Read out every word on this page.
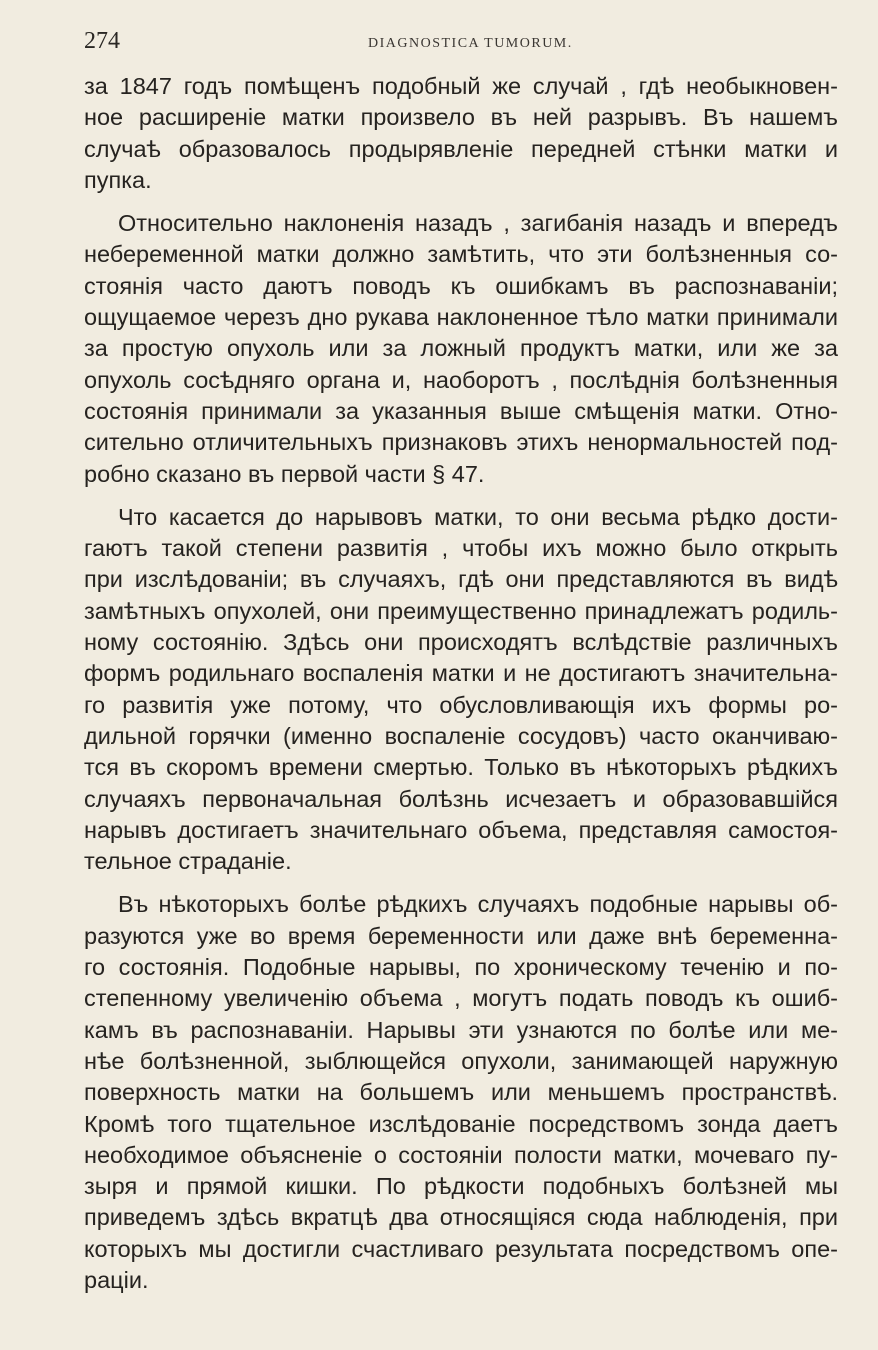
274	DIAGNOSTICA TUMORUM.
за 1847 годъ помѣщенъ подобный же случай , гдѣ необыкновен-
ное расширеніе матки произвело въ ней разрывъ. Въ нашемъ
случаѣ образовалось продырявленіе передней стѣнки матки и
пупка.
Относительно наклоненія назадъ , загибанія назадъ и впередъ
небеременной матки должно замѣтить, что эти болѣзненныя со-
стоянія часто даютъ поводъ къ ошибкамъ въ распознаваніи;
ощущаемое черезъ дно рукава наклоненное тѣло матки принимали
за простую опухоль или за ложный продуктъ матки, или же за
опухоль сосѣдняго органа и, наоборотъ , послѣднія болѣзненныя
состоянія принимали за указанныя выше смѣщенія матки. Отно-
сительно отличительныхъ признаковъ этихъ ненормальностей под-
робно сказано въ первой части § 47.
Что касается до нарывовъ матки, то они весьма рѣдко дости-
гаютъ такой степени развитія , чтобы ихъ можно было открыть
при изслѣдованіи; въ случаяхъ, гдѣ они представляются въ видѣ
замѣтныхъ опухолей, они преимущественно принадлежатъ родиль-
ному состоянію. Здѣсь они происходятъ вслѣдствіе различныхъ
формъ родильнаго воспаленія матки и не достигаютъ значительна-
го развитія уже потому, что обусловливающія ихъ формы ро-
дильной горячки (именно воспаленіе сосудовъ) часто оканчиваю-
тся въ скоромъ времени смертью. Только въ нѣкоторыхъ рѣдкихъ
случаяхъ первоначальная болѣзнь исчезаетъ и образовавшійся
нарывъ достигаетъ значительнаго объема, представляя самостоя-
тельное страданіе.
Въ нѣкоторыхъ болѣе рѣдкихъ случаяхъ подобные нарывы об-
разуются уже во время беременности или даже внѣ беременна-
го состоянія. Подобные нарывы, по хроническому теченію и по-
степенному увеличенію объема , могутъ подать поводъ къ ошиб-
камъ въ распознаваніи. Нарывы эти узнаются по болѣе или ме-
нѣе болѣзненной, зыблющейся опухоли, занимающей наружную
поверхность матки на большемъ или меньшемъ пространствѣ.
Кромѣ того тщательное изслѣдованіе посредствомъ зонда даетъ
необходимое объясненіе о состояніи полости матки, мочеваго пу-
зыря и прямой кишки. По рѣдкости подобныхъ болѣзней мы
приведемъ здѣсь вкратцѣ два относящіяся сюда наблюденія, при
которыхъ мы достигли счастливаго результата посредствомъ опе-
раціи.
